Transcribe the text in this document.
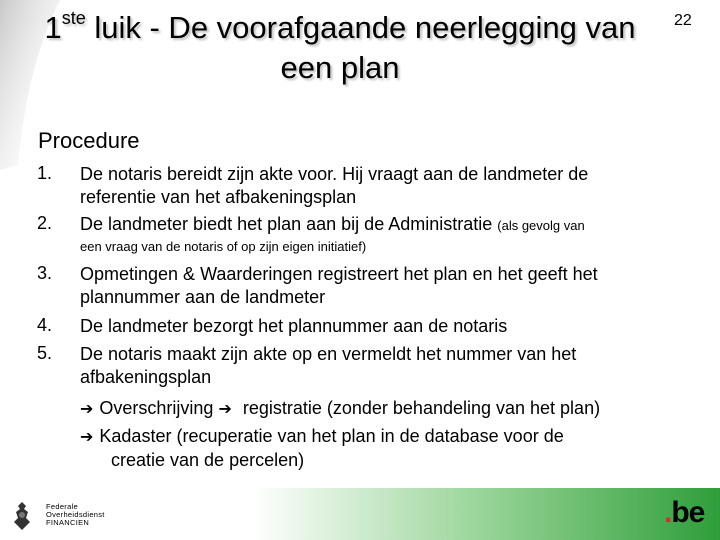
1ste luik - De voorafgaande neerlegging van
een plan
22
Procedure
1. De notaris bereidt zijn akte voor. Hij vraagt aan de landmeter de
referentie van het afbakeningsplan
2. De landmeter biedt het plan aan bij de Administratie (als gevolg van
een vraag van de notaris of op zijn eigen initiatief)
3. Opmetingen & Waarderingen registreert het plan en het geeft het
plannummer aan de landmeter
4. De landmeter bezorgt het plannummer aan de notaris
5. De notaris maakt zijn akte op en vermeldt het nummer van het
afbakeningsplan
➔ Overschrijving ➔ registratie (zonder behandeling van het plan)
➔ Kadaster (recuperatie van het plan in de database voor de
creatie van de percelen)
Federale
Overheidsdienst
FINANCIEN	.be
